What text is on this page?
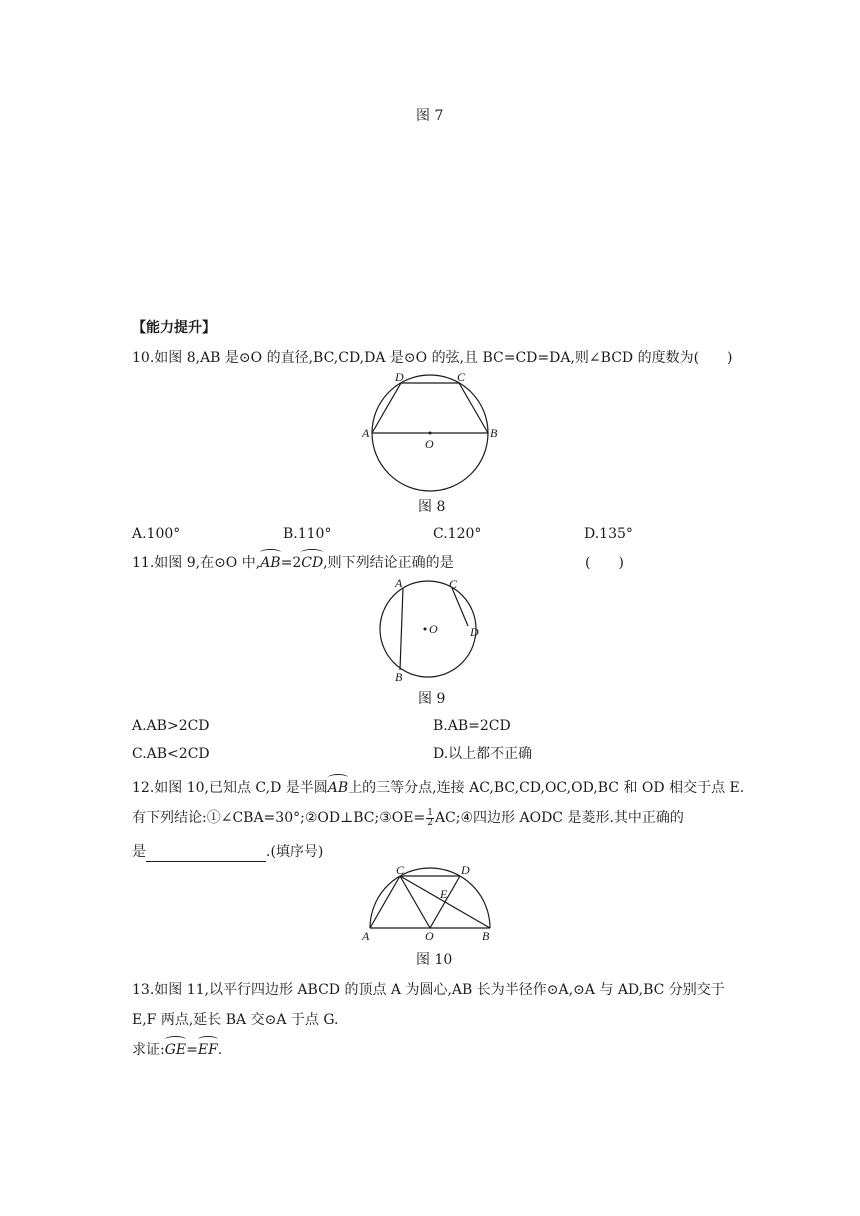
图 7
【能力提升】
10.如图 8,AB 是⊙O 的直径,BC,CD,DA 是⊙O 的弦,且 BC=CD=DA,则∠BCD 的度数为(　　)
A	B
C
D
O
图 8
A.100°	B.110°	C.120°	D.135°
11.如图 9,在⊙O 中,AB=2CD,则下列结论正确的是	(　　)
A
B
C
D
O
图 9
A.AB>2CD	B.AB=2CD
C.AB<2CD	D.以上都不正确
12.如图 10,已知点 C,D 是半圆AB上的三等分点,连接 AC,BC,CD,OC,OD,BC 和 OD 相交于点 E.
有下列结论:①∠CBA=30°;②OD⊥BC;③OE= $\frac{1}{2}$ AC;④四边形 AODC 是菱形.其中正确的
是	.(填序号)
A	B
C	D
E
O
图 10
13.如图 11,以平行四边形 ABCD 的顶点 A 为圆心,AB 长为半径作⊙A,⊙A 与 AD,BC 分别交于
E,F 两点,延长 BA 交⊙A 于点 G.
求证:GE=EF.
